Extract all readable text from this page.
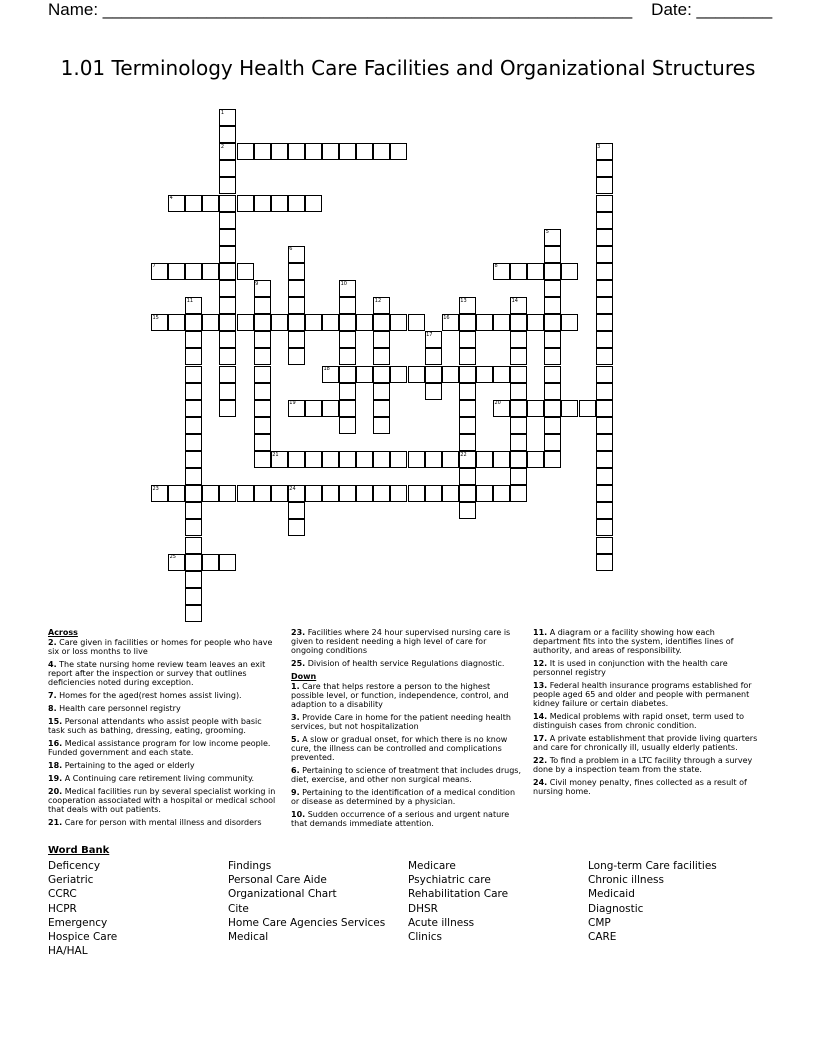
Name: ________________________________________________________ Date: ________
1.01 Terminology Health Care Facilities and Organizational Structures
1
2	3
4
5
6
7	8
9	10
11	12	13	14
15	16
17
18
19	20
21	22
23	24
25
Across
2. Care given in facilities or homes for people who have six or loss months to live
4. The state nursing home review team leaves an exit report after the inspection or survey that outlines deficiencies noted during exception.
7. Homes for the aged(rest homes assist living).
8. Health care personnel registry
15. Personal attendants who assist people with basic task such as bathing, dressing, eating, grooming.
16. Medical assistance program for low income people. Funded government and each state.
18. Pertaining to the aged or elderly
19. A Continuing care retirement living community.
20. Medical facilities run by several specialist working in cooperation associated with a hospital or medical school that deals with out patients.
21. Care for person with mental illness and disorders
23. Facilities where 24 hour supervised nursing care is given to resident needing a high level of care for ongoing conditions
25. Division of health service Regulations diagnostic.
Down
1. Care that helps restore a person to the highest possible level, or function, independence, control, and adaption to a disability
3. Provide Care in home for the patient needing health services, but not hospitalization
5. A slow or gradual onset, for which there is no know cure, the illness can be controlled and complications prevented.
6. Pertaining to science of treatment that includes drugs, diet, exercise, and other non surgical means.
9. Pertaining to the identification of a medical condition or disease as determined by a physician.
10. Sudden occurrence of a serious and urgent nature that demands immediate attention.
11. A diagram or a facility showing how each department fits into the system, identifies lines of authority, and areas of responsibility.
12. It is used in conjunction with the health care personnel registry
13. Federal health insurance programs established for people aged 65 and older and people with permanent kidney failure or certain diabetes.
14. Medical problems with rapid onset, term used to distinguish cases from chronic condition.
17. A private establishment that provide living quarters and care for chronically ill, usually elderly patients.
22. To find a problem in a LTC facility through a survey done by a inspection team from the state.
24. Civil money penalty, fines collected as a result of nursing home.
Word Bank
Deficency
Geriatric
CCRC
HCPR
Emergency
Hospice Care
HA/HAL
Findings
Personal Care Aide
Organizational Chart
Cite
Home Care Agencies Services
Medical
Medicare
Psychiatric care
Rehabilitation Care
DHSR
Acute illness
Clinics
Long-term Care facilities
Chronic illness
Medicaid
Diagnostic
CMP
CARE
